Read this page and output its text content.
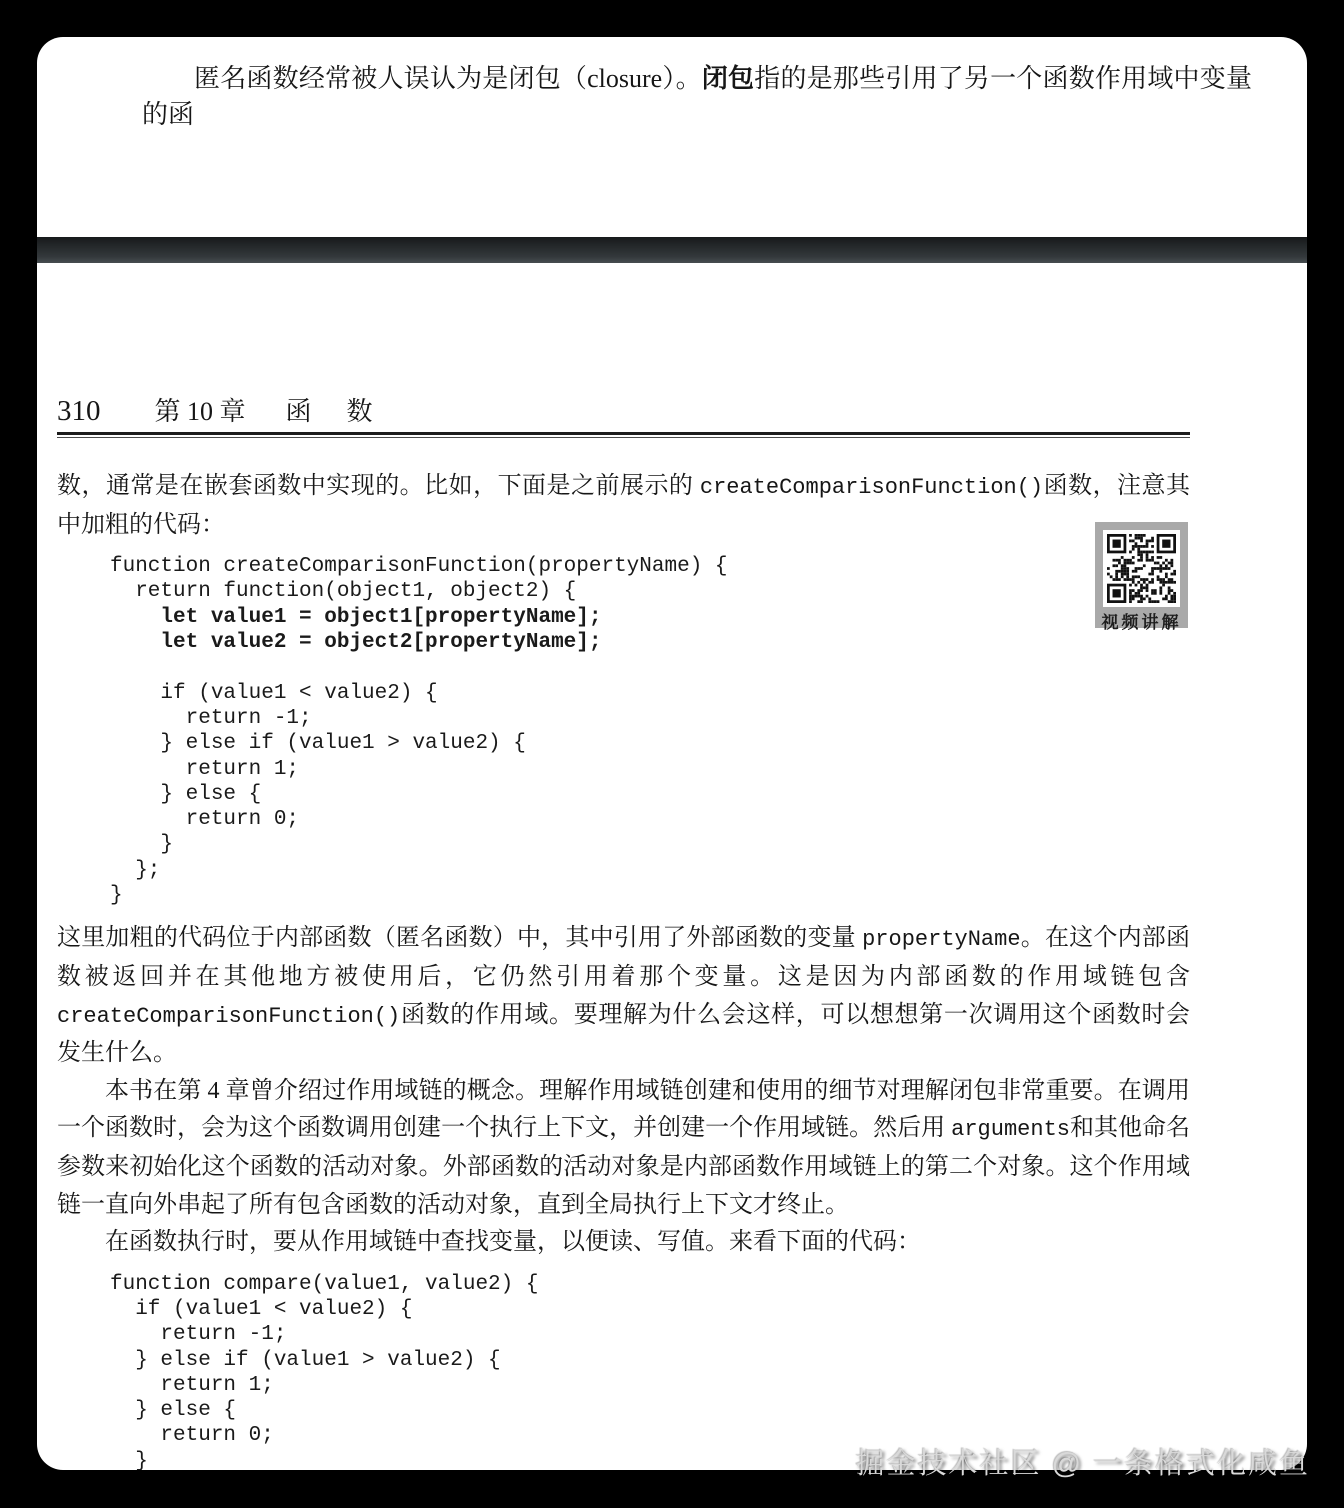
匿名函数经常被人误认为是闭包（closure）。闭包指的是那些引用了另一个函数作用域中变量的函
310 第 10 章 函数

数，通常是在嵌套函数中实现的。比如，下面是之前展示的 createComparisonFunction()函数，注意其中加粗的代码：

function createComparisonFunction(propertyName) {
return function(object1, object2) {
let value1 = object1[propertyName];
let value2 = object2[propertyName];

if (value1 < value2) {
return -1;
} else if (value1 > value2) {
return 1;
} else {
return 0;
}
};
}

这里加粗的代码位于内部函数（匿名函数）中，其中引用了外部函数的变量 propertyName。在这个内部函数被返回并在其他地方被使用后，它仍然引用着那个变量。这是因为内部函数的作用域链包含createComparisonFunction()函数的作用域。要理解为什么会这样，可以想想第一次调用这个函数时会发生什么。

本书在第 4 章曾介绍过作用域链的概念。理解作用域链创建和使用的细节对理解闭包非常重要。在调用一个函数时，会为这个函数调用创建一个执行上下文，并创建一个作用域链。然后用 arguments和其他命名参数来初始化这个函数的活动对象。外部函数的活动对象是内部函数作用域链上的第二个对象。这个作用域链一直向外串起了所有包含函数的活动对象，直到全局执行上下文才终止。

在函数执行时，要从作用域链中查找变量，以便读、写值。来看下面的代码：

function compare(value1, value2) {
if (value1 < value2) {
return -1;
} else if (value1 > value2) {
return 1;
} else {
return 0;
}
视频讲解
掘金技术社区 @ 一条格式化咸鱼
